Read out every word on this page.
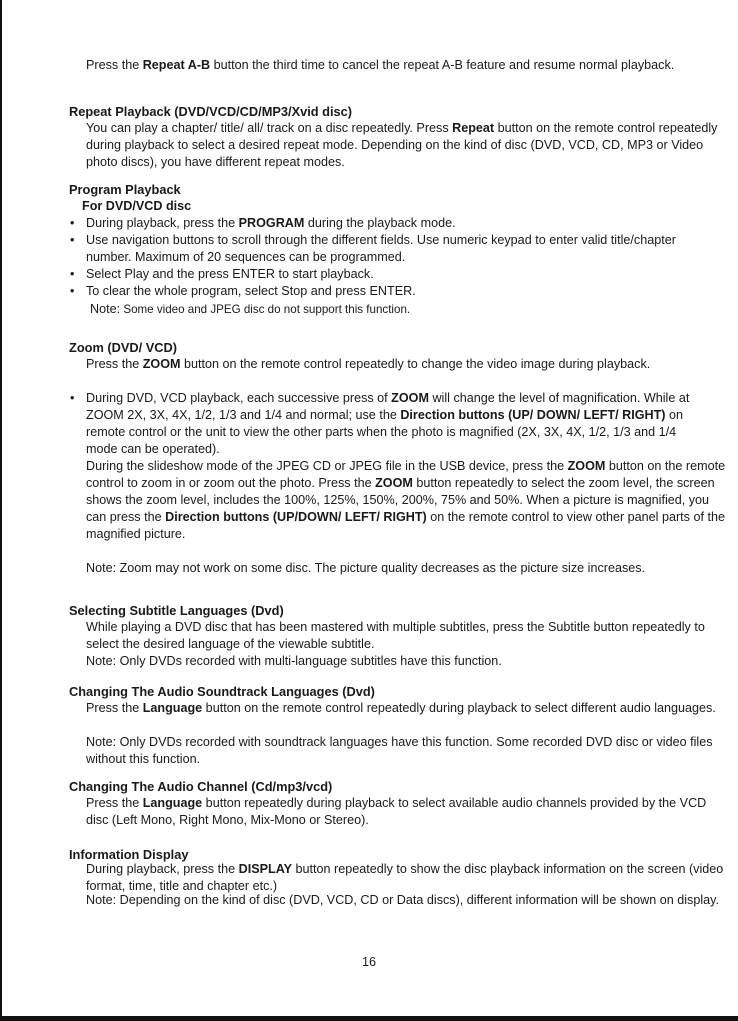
Press the Repeat A-B button the third time to cancel the repeat A-B feature and resume normal playback.
Repeat Playback (DVD/VCD/CD/MP3/Xvid disc)
You can play a chapter/ title/ all/ track on a disc repeatedly. Press Repeat button on the remote control repeatedly during playback to select a desired repeat mode. Depending on the kind of disc (DVD, VCD, CD, MP3 or Video photo discs), you have different repeat modes.
Program Playback
For DVD/VCD disc
• During playback, press the PROGRAM during the playback mode.
• Use navigation buttons to scroll through the different fields. Use numeric keypad to enter valid title/chapter number. Maximum of 20 sequences can be programmed.
• Select Play and the press ENTER to start playback.
• To clear the whole program, select Stop and press ENTER.
Note: Some video and JPEG disc do not support this function.
Zoom (DVD/ VCD)
Press the ZOOM button on the remote control repeatedly to change the video image during playback.
• During DVD, VCD playback, each successive press of ZOOM will change the level of magnification. While at ZOOM 2X, 3X, 4X, 1/2, 1/3 and 1/4 and normal; use the Direction buttons (UP/ DOWN/ LEFT/ RIGHT) on remote control or the unit to view the other parts when the photo is magnified (2X, 3X, 4X, 1/2, 1/3 and 1/4 mode can be operated).
During the slideshow mode of the JPEG CD or JPEG file in the USB device, press the ZOOM button on the remote control to zoom in or zoom out the photo. Press the ZOOM button repeatedly to select the zoom level, the screen shows the zoom level, includes the 100%, 125%, 150%, 200%, 75% and 50%. When a picture is magnified, you can press the Direction buttons (UP/DOWN/ LEFT/ RIGHT) on the remote control to view other panel parts of the magnified picture.
Note: Zoom may not work on some disc. The picture quality decreases as the picture size increases.
Selecting Subtitle Languages (Dvd)
While playing a DVD disc that has been mastered with multiple subtitles, press the Subtitle button repeatedly to select the desired language of the viewable subtitle.
Note: Only DVDs recorded with multi-language subtitles have this function.
Changing The Audio Soundtrack Languages (Dvd)
Press the Language button on the remote control repeatedly during playback to select different audio languages.
Note: Only DVDs recorded with soundtrack languages have this function. Some recorded DVD disc or video files without this function.
Changing The Audio Channel (Cd/mp3/vcd)
Press the Language button repeatedly during playback to select available audio channels provided by the VCD disc (Left Mono, Right Mono, Mix-Mono or Stereo).
Information Display
During playback, press the DISPLAY button repeatedly to show the disc playback information on the screen (video format, time, title and chapter etc.)
Note: Depending on the kind of disc (DVD, VCD, CD or Data discs), different information will be shown on display.
16
